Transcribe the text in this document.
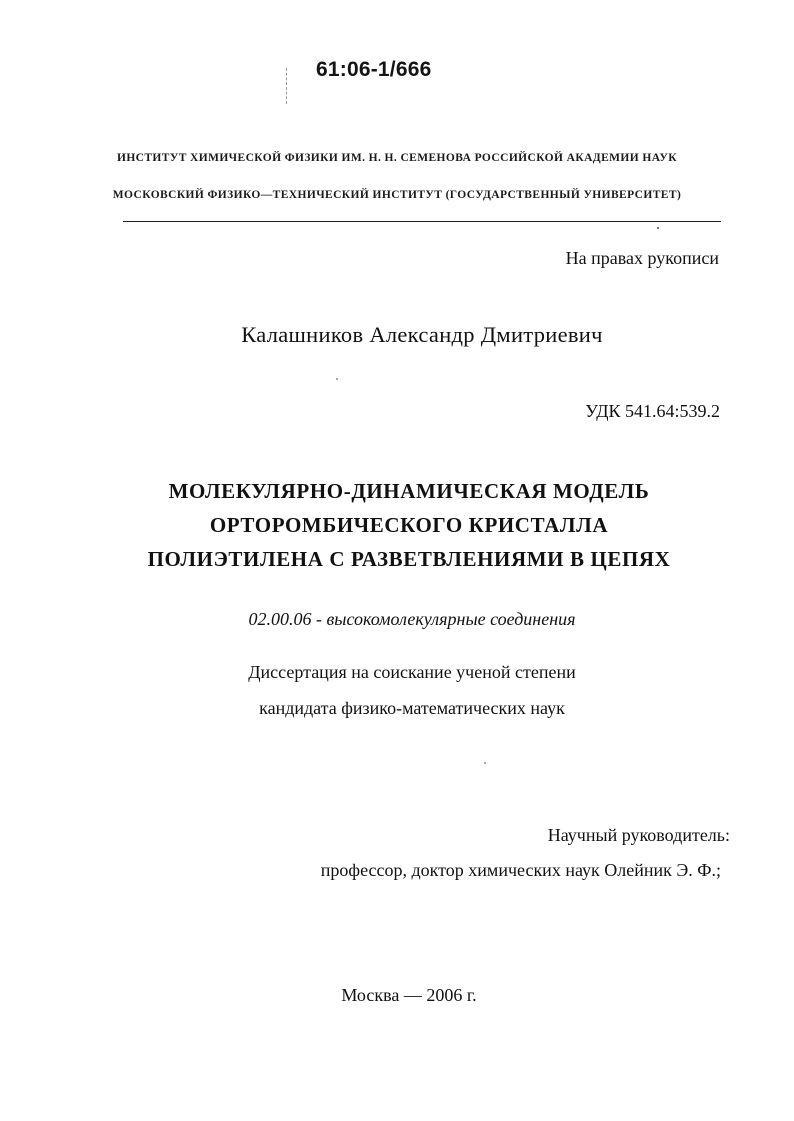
61:06-1/666
ИНСТИТУТ ХИМИЧЕСКОЙ ФИЗИКИ ИМ. Н. Н. СЕМЕНОВА РОССИЙСКОЙ АКАДЕМИИ НАУК
МОСКОВСКИЙ ФИЗИКО—ТЕХНИЧЕСКИЙ ИНСТИТУТ (ГОСУДАРСТВЕННЫЙ УНИВЕРСИТЕТ)
На правах рукописи
Калашников Александр Дмитриевич
УДК 541.64:539.2
МОЛЕКУЛЯРНО-ДИНАМИЧЕСКАЯ МОДЕЛЬ
ОРТОРОМБИЧЕСКОГО КРИСТАЛЛА
ПОЛИЭТИЛЕНА С РАЗВЕТВЛЕНИЯМИ В ЦЕПЯХ
02.00.06 - высокомолекулярные соединения
Диссертация на соискание ученой степени
кандидата физико-математических наук
Научный руководитель:
профессор, доктор химических наук Олейник Э. Ф.;
Москва — 2006 г.
